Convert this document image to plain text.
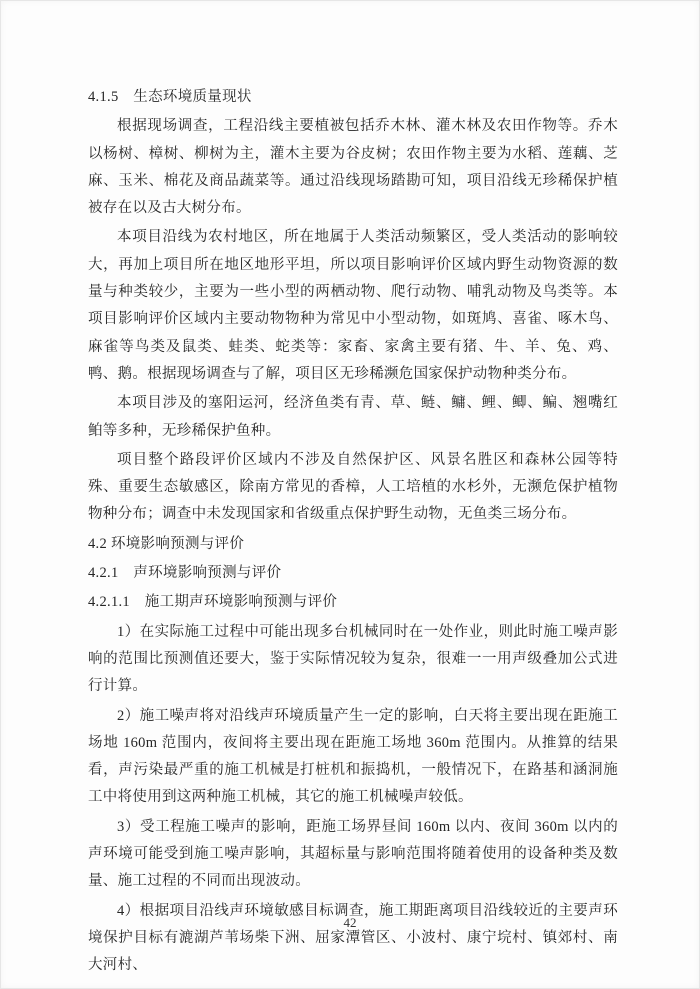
4.1.5　生态环境质量现状

根据现场调查，工程沿线主要植被包括乔木林、灌木林及农田作物等。乔木以杨树、樟树、柳树为主，灌木主要为谷皮树；农田作物主要为水稻、莲藕、芝麻、玉米、棉花及商品蔬菜等。通过沿线现场踏勘可知，项目沿线无珍稀保护植被存在以及古大树分布。

本项目沿线为农村地区，所在地属于人类活动频繁区，受人类活动的影响较大，再加上项目所在地区地形平坦，所以项目影响评价区域内野生动物资源的数量与种类较少，主要为一些小型的两栖动物、爬行动物、哺乳动物及鸟类等。本项目影响评价区域内主要动物物种为常见中小型动物，如斑鸠、喜雀、啄木鸟、麻雀等鸟类及鼠类、蛙类、蛇类等：家畜、家禽主要有猪、牛、羊、兔、鸡、鸭、鹅。根据现场调查与了解，项目区无珍稀濒危国家保护动物种类分布。

本项目涉及的塞阳运河，经济鱼类有青、草、鲢、鳙、鲤、鲫、鳊、翘嘴红鲌等多种，无珍稀保护鱼种。

项目整个路段评价区域内不涉及自然保护区、风景名胜区和森林公园等特殊、重要生态敏感区，除南方常见的香樟，人工培植的水杉外，无濒危保护植物物种分布；调查中未发现国家和省级重点保护野生动物，无鱼类三场分布。

4.2 环境影响预测与评价
4.2.1　声环境影响预测与评价
4.2.1.1　施工期声环境影响预测与评价

1）在实际施工过程中可能出现多台机械同时在一处作业，则此时施工噪声影响的范围比预测值还要大，鉴于实际情况较为复杂，很难一一用声级叠加公式进行计算。

2）施工噪声将对沿线声环境质量产生一定的影响，白天将主要出现在距施工场地 160m 范围内，夜间将主要出现在距施工场地 360m 范围内。从推算的结果看，声污染最严重的施工机械是打桩机和振捣机，一般情况下，在路基和涵洞施工中将使用到这两种施工机械，其它的施工机械噪声较低。

3）受工程施工噪声的影响，距施工场界昼间 160m 以内、夜间 360m 以内的声环境可能受到施工噪声影响，其超标量与影响范围将随着使用的设备种类及数量、施工过程的不同而出现波动。

4）根据项目沿线声环境敏感目标调查，施工期距离项目沿线较近的主要声环境保护目标有漉湖芦苇场柴下洲、屈家潭管区、小波村、康宁垸村、镇郊村、南大河村、

42
